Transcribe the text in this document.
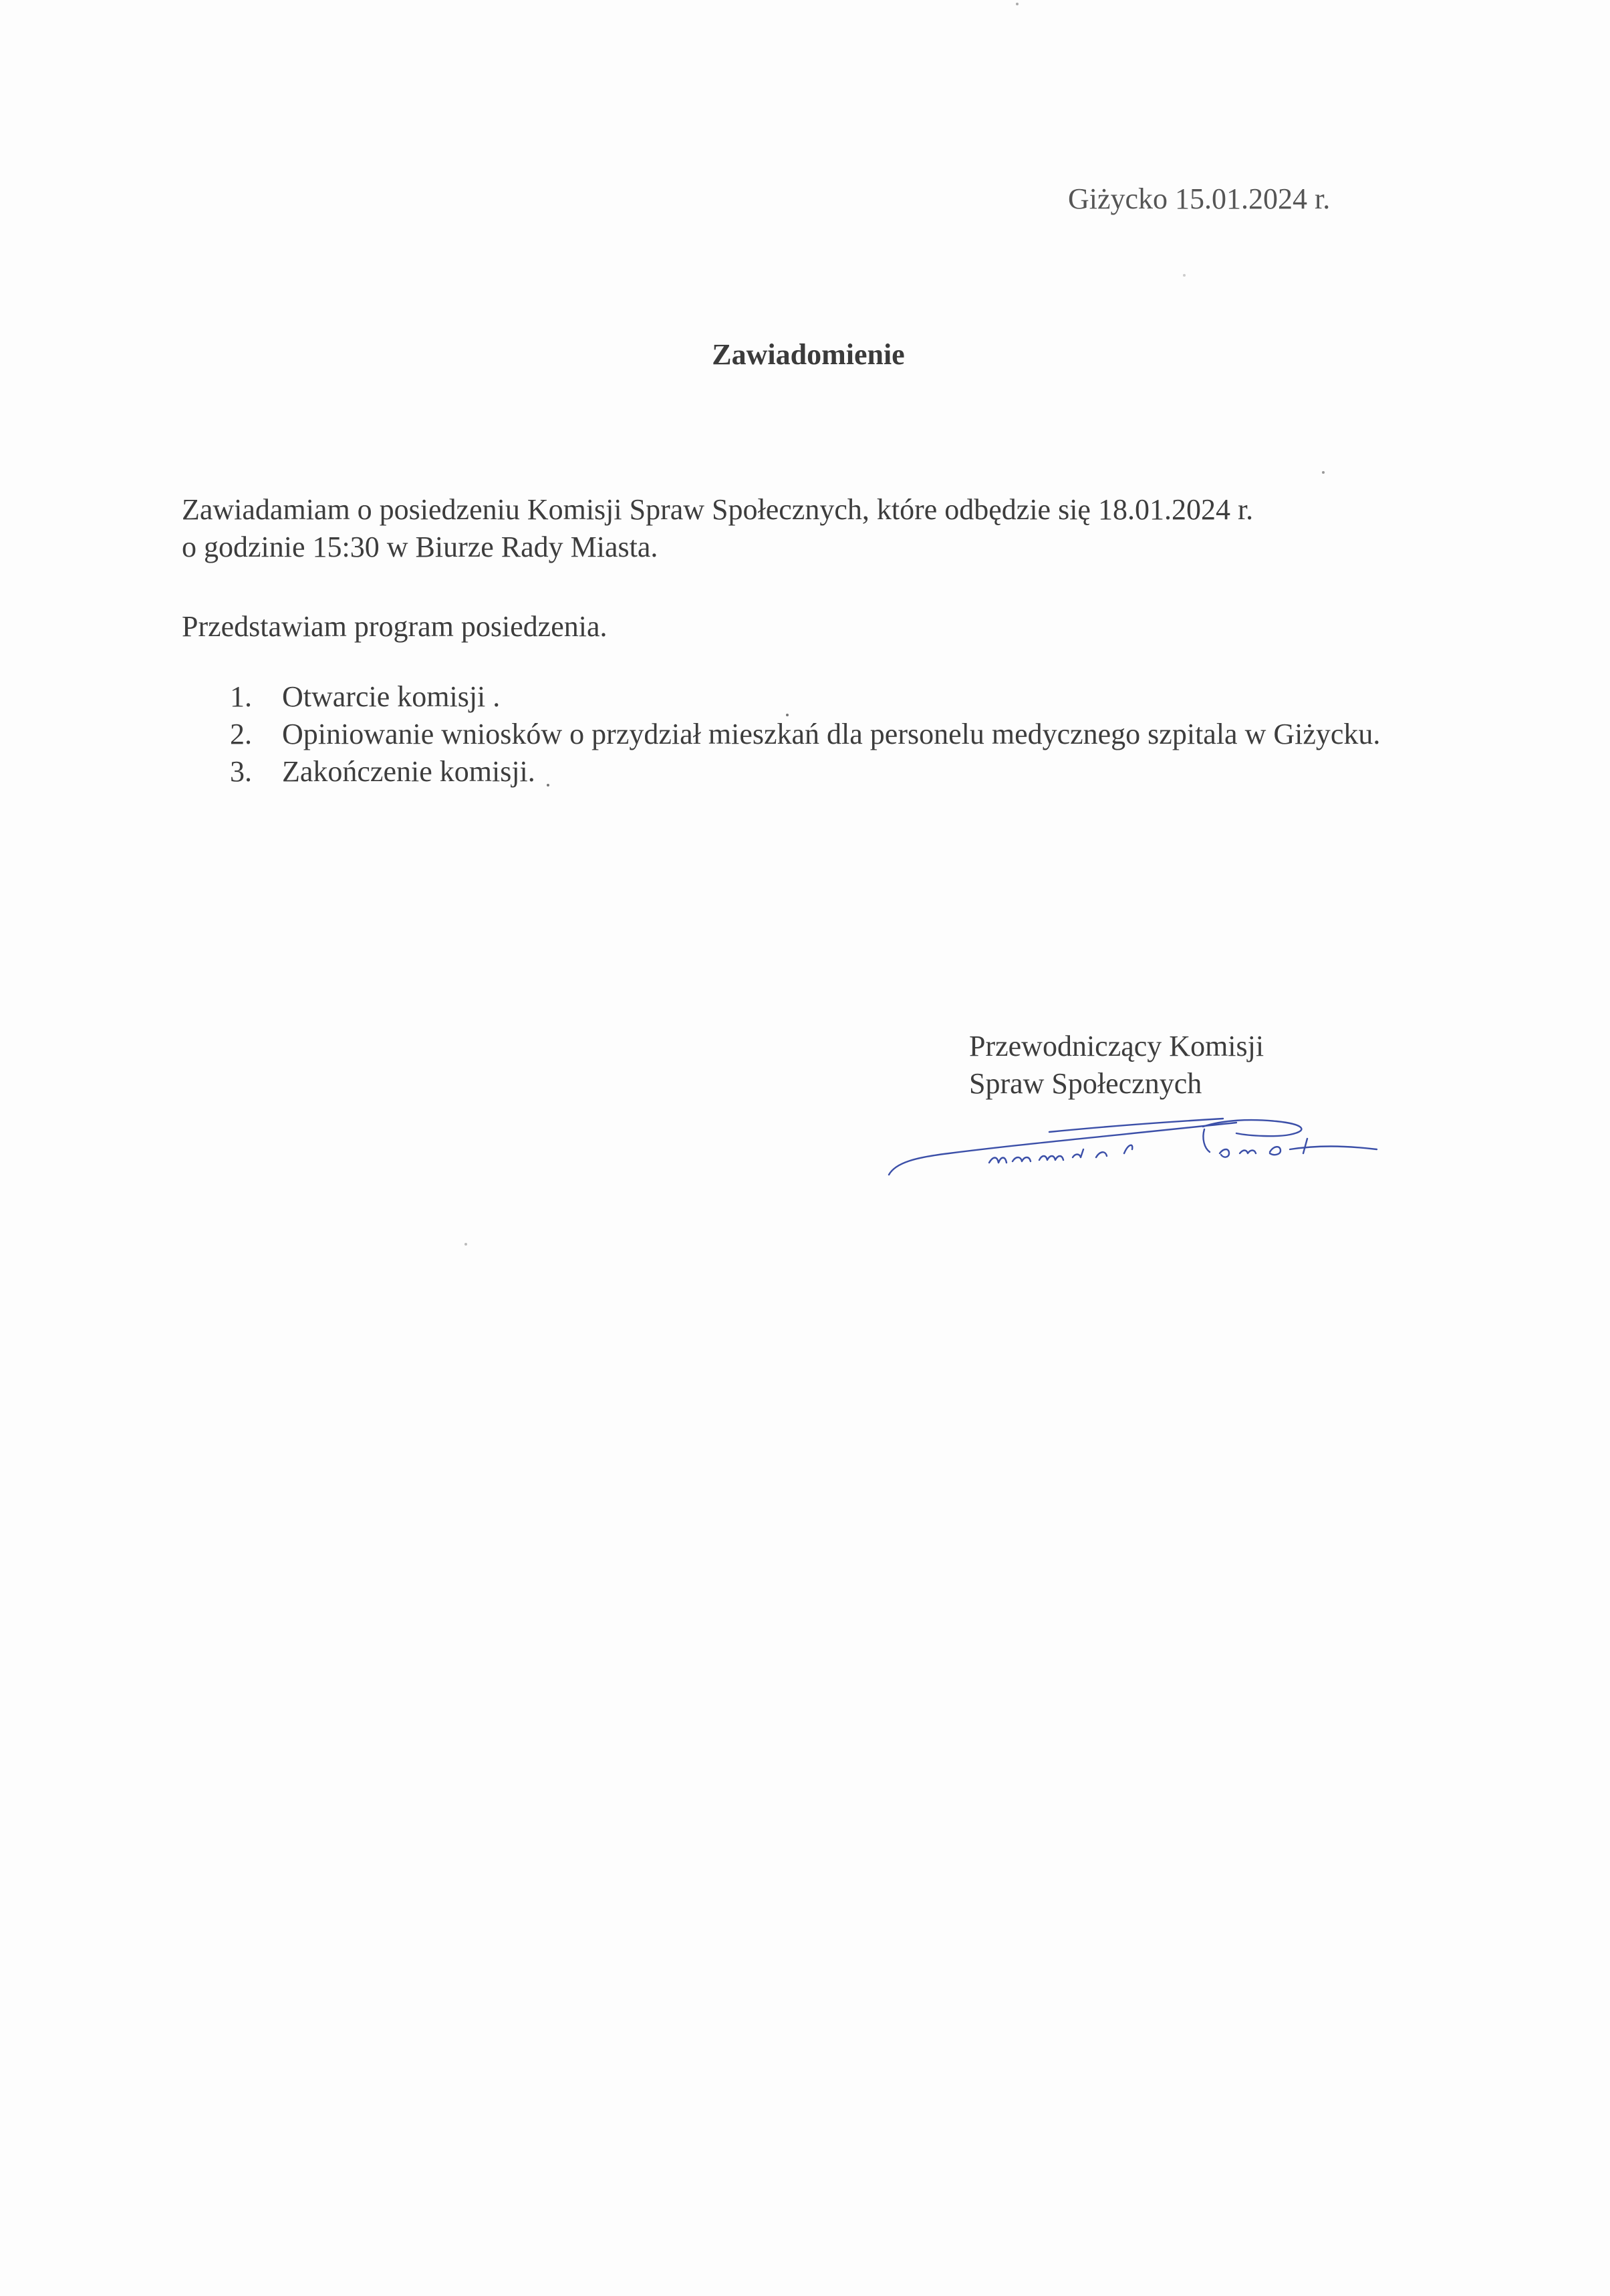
Giżycko 15.01.2024 r.
Zawiadomienie
Zawiadamiam o posiedzeniu Komisji Spraw Społecznych, które odbędzie się 18.01.2024 r.
o godzinie 15:30 w Biurze Rady Miasta.
Przedstawiam program posiedzenia.
1. Otwarcie komisji .
2. Opiniowanie wniosków o przydział mieszkań dla personelu medycznego szpitala w Giżycku.
3. Zakończenie komisji.
Przewodniczący Komisji
Spraw Społecznych
